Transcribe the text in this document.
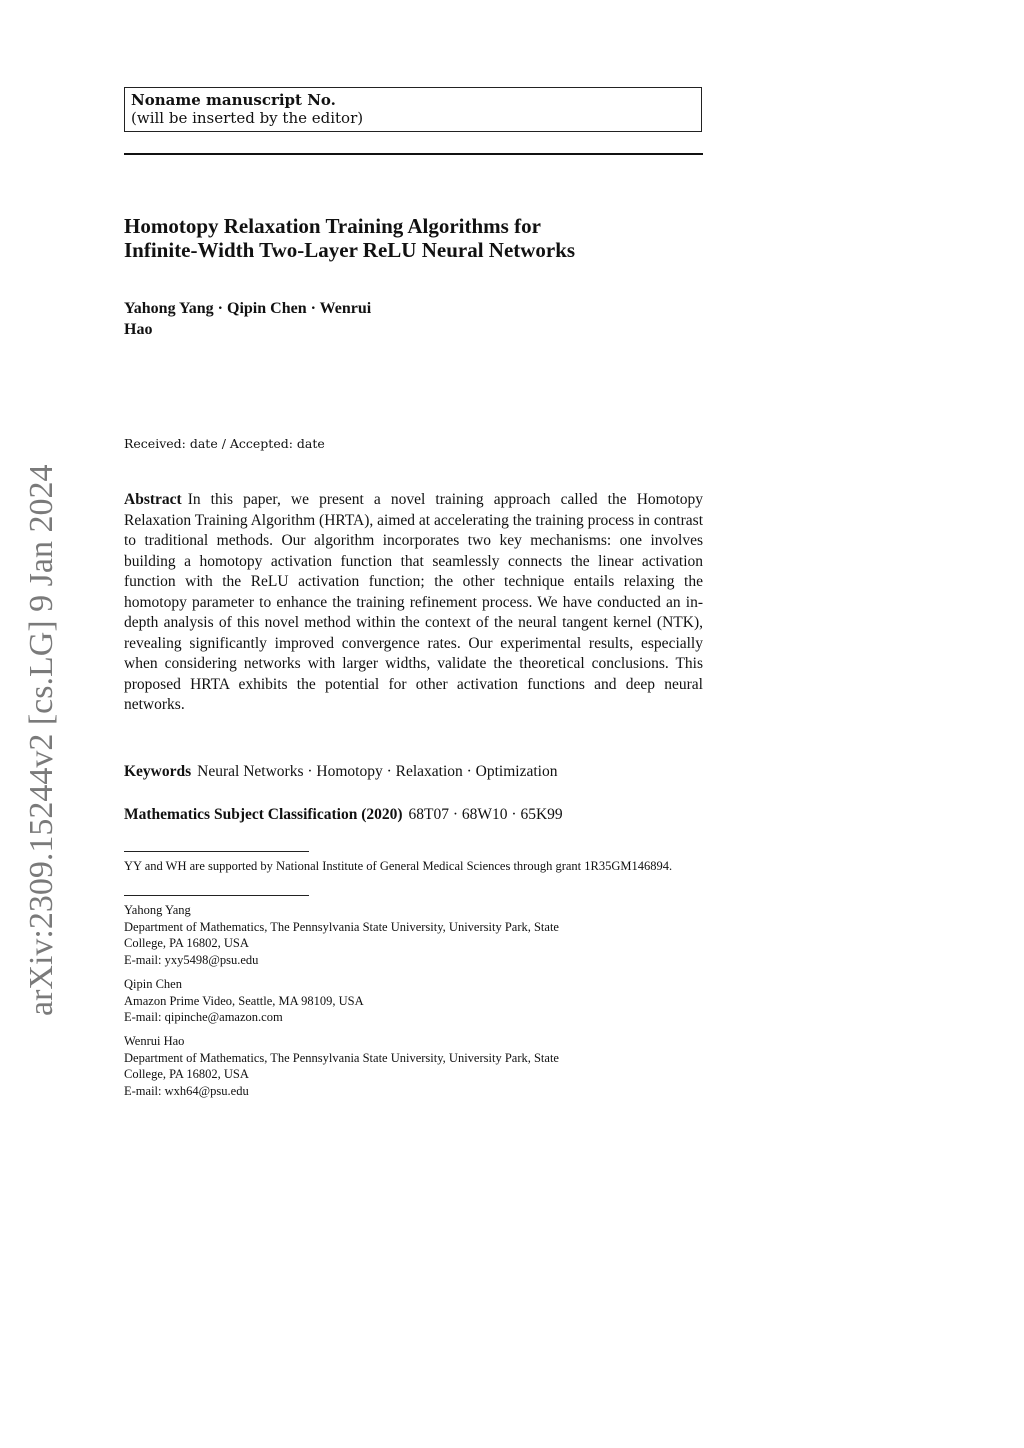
arXiv:2309.15244v2 [cs.LG] 9 Jan 2024
Noname manuscript No.
(will be inserted by the editor)
Homotopy Relaxation Training Algorithms for
Infinite-Width Two-Layer ReLU Neural Networks
Yahong Yang · Qipin Chen · Wenrui
Hao
Received: date / Accepted: date
Abstract In this paper, we present a novel training approach called the Homotopy Relaxation Training Algorithm (HRTA), aimed at accelerating the training process in contrast to traditional methods. Our algorithm incorporates two key mechanisms: one involves building a homotopy activation function that seamlessly connects the linear activation function with the ReLU activation function; the other technique entails relaxing the homotopy parameter to enhance the training refinement process. We have conducted an in-depth analysis of this novel method within the context of the neural tangent kernel (NTK), revealing significantly improved convergence rates. Our experimental results, especially when considering networks with larger widths, validate the theoretical conclusions. This proposed HRTA exhibits the potential for other activation functions and deep neural networks.
Keywords Neural Networks · Homotopy · Relaxation · Optimization
Mathematics Subject Classification (2020) 68T07 · 68W10 · 65K99
YY and WH are supported by National Institute of General Medical Sciences through grant 1R35GM146894.
Yahong Yang
Department of Mathematics, The Pennsylvania State University, University Park, State
College, PA 16802, USA
E-mail: yxy5498@psu.edu
Qipin Chen
Amazon Prime Video, Seattle, MA 98109, USA
E-mail: qipinche@amazon.com
Wenrui Hao
Department of Mathematics, The Pennsylvania State University, University Park, State
College, PA 16802, USA
E-mail: wxh64@psu.edu
